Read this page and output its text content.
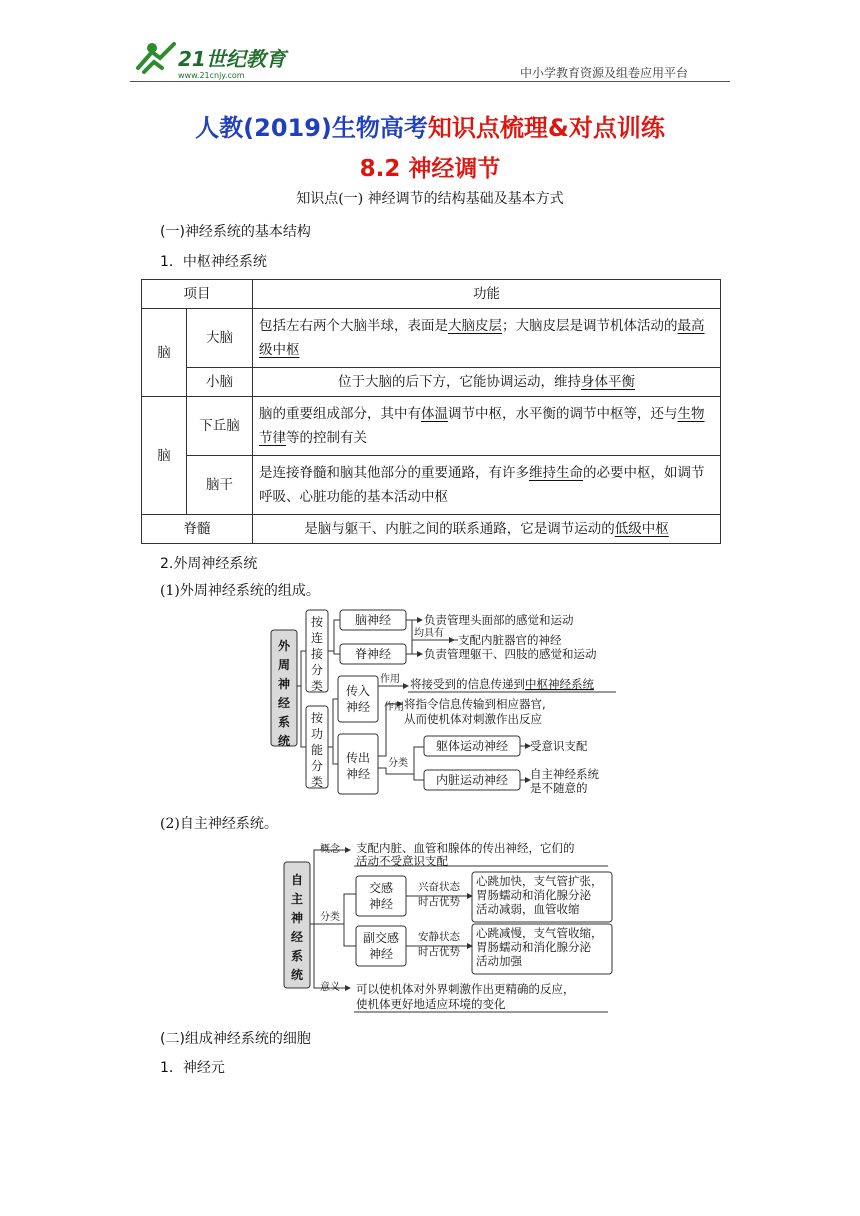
21世纪教育
www.21cnjy.com	中小学教育资源及组卷应用平台
人教(2019)生物高考知识点梳理&对点训练
8.2 神经调节
知识点(一) 神经调节的结构基础及基本方式
(一)神经系统的基本结构
1．中枢神经系统
项目		功能
脑	大脑	包括左右两个大脑半球，表面是大脑皮层；大脑皮层是调节机体活动的最高级中枢
	小脑	位于大脑的后下方，它能协调运动，维持身体平衡
脑	下丘脑	脑的重要组成部分，其中有体温调节中枢，水平衡的调节中枢等，还与生物节律等的控制有关
	脑干	是连接脊髓和脑其他部分的重要通路，有许多维持生命的必要中枢，如调节呼吸、心脏功能的基本活动中枢
脊髓		是脑与躯干、内脏之间的联系通路，它是调节运动的低级中枢
2.外周神经系统
(1)外周神经系统的组成。
外周神经系统
按连接分类
按功能分类
脑神经
脊神经
负责管理头面部的感觉和运动
均具有 支配内脏器官的神经
负责管理躯干、四肢的感觉和运动
传入神经
传出神经
作用 将接受到的信息传递到中枢神经系统
作用 将指令信息传输到相应器官,
从而使机体对刺激作出反应
分类
躯体运动神经
内脏运动神经
受意识支配
自主神经系统
是不随意的
(2)自主神经系统。
自主神经系统
概念 支配内脏、血管和腺体的传出神经，它们的
活动不受意识支配
分类
交感神经
副交感神经
兴奋状态时占优势
安静状态时占优势
心跳加快，支气管扩张，胃肠蠕动和消化腺分泌活动减弱，血管收缩
心跳减慢，支气管收缩，胃肠蠕动和消化腺分泌活动加强
意义 可以使机体对外界刺激作出更精确的反应，
使机体更好地适应环境的变化
(二)组成神经系统的细胞
1．神经元
